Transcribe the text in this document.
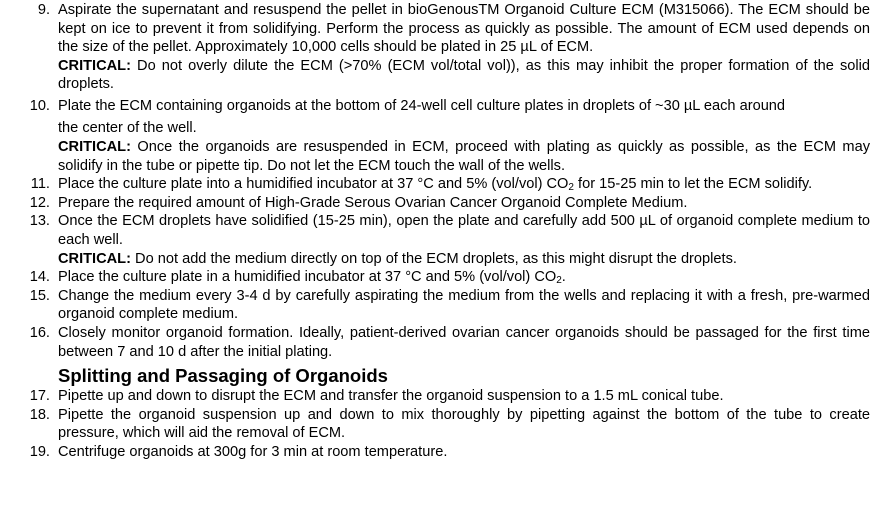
9. Aspirate the supernatant and resuspend the pellet in bioGenousTM Organoid Culture ECM (M315066). The ECM should be kept on ice to prevent it from solidifying. Perform the process as quickly as possible. The amount of ECM used depends on the size of the pellet. Approximately 10,000 cells should be plated in 25 µL of ECM.
CRITICAL: Do not overly dilute the ECM (>70% (ECM vol/total vol)), as this may inhibit the proper formation of the solid droplets.
10. Plate the ECM containing organoids at the bottom of 24-well cell culture plates in droplets of ~30 µL each around
the center of the well.
CRITICAL: Once the organoids are resuspended in ECM, proceed with plating as quickly as possible, as the ECM may solidify in the tube or pipette tip. Do not let the ECM touch the wall of the wells.
11. Place the culture plate into a humidified incubator at 37 °C and 5% (vol/vol) $CO_2$ for 15-25 min to let the ECM solidify.
12. Prepare the required amount of High-Grade Serous Ovarian Cancer Organoid Complete Medium.
13. Once the ECM droplets have solidified (15-25 min), open the plate and carefully add 500 µL of organoid complete medium to each well.
CRITICAL: Do not add the medium directly on top of the ECM droplets, as this might disrupt the droplets.
14. Place the culture plate in a humidified incubator at 37 °C and 5% (vol/vol) $CO_2$.
15. Change the medium every 3-4 d by carefully aspirating the medium from the wells and replacing it with a fresh, pre-warmed organoid complete medium.
16. Closely monitor organoid formation. Ideally, patient-derived ovarian cancer organoids should be passaged for the first time between 7 and 10 d after the initial plating.
Splitting and Passaging of Organoids
17. Pipette up and down to disrupt the ECM and transfer the organoid suspension to a 1.5 mL conical tube.
18. Pipette the organoid suspension up and down to mix thoroughly by pipetting against the bottom of the tube to create pressure, which will aid the removal of ECM.
19. Centrifuge organoids at 300g for 3 min at room temperature.
